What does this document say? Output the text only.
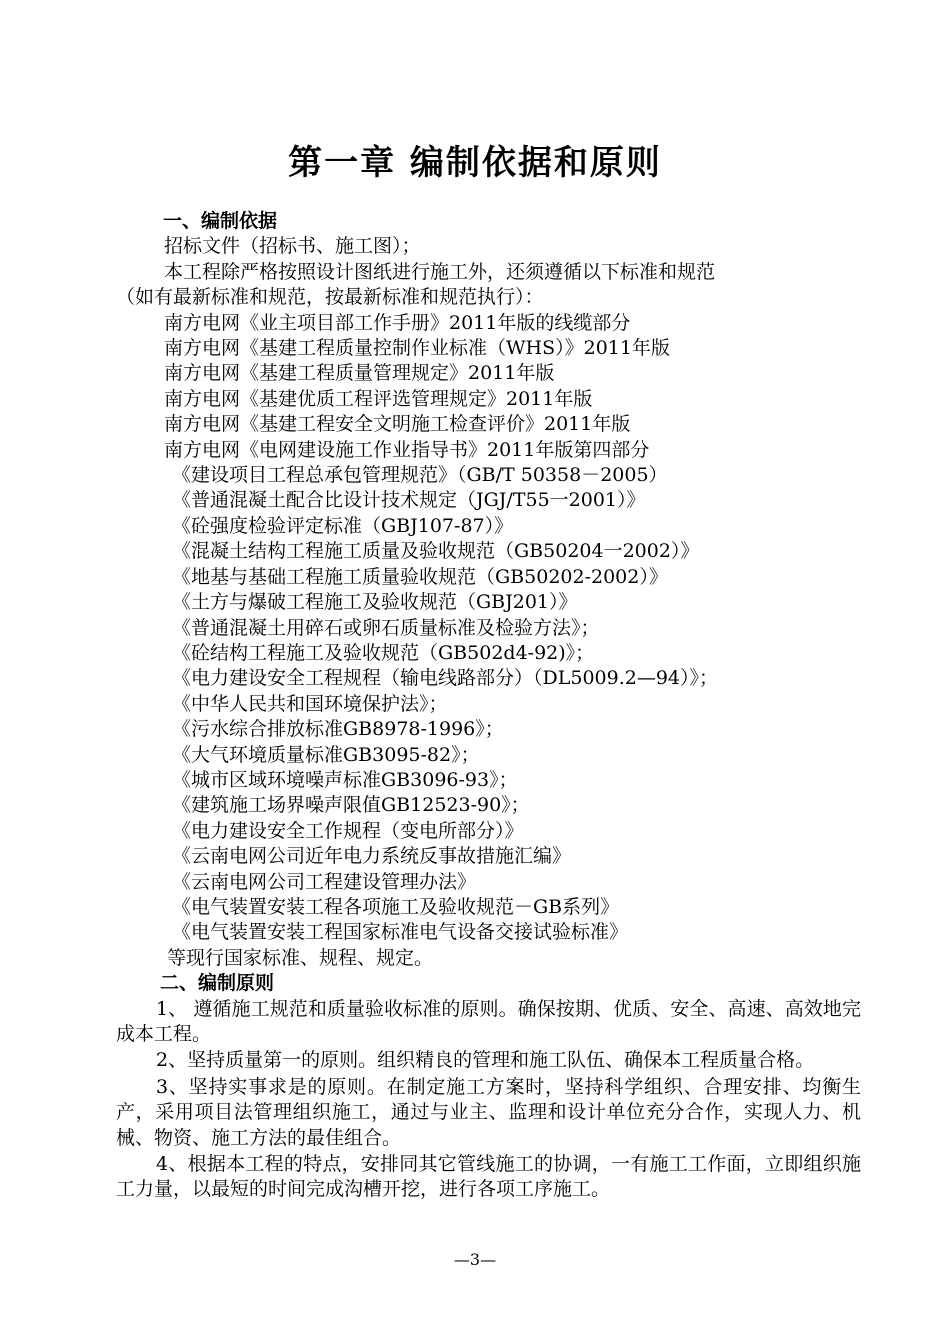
第一章 编制依据和原则
一、编制依据
招标文件（招标书、施工图）；
本工程除严格按照设计图纸进行施工外，还须遵循以下标准和规范
（如有最新标准和规范，按最新标准和规范执行）：
南方电网《业主项目部工作手册》2011年版的线缆部分
南方电网《基建工程质量控制作业标准（WHS）》2011年版
南方电网《基建工程质量管理规定》2011年版
南方电网《基建优质工程评选管理规定》2011年版
南方电网《基建工程安全文明施工检查评价》2011年版
南方电网《电网建设施工作业指导书》2011年版第四部分
《建设项目工程总承包管理规范》（GB/T 50358－2005）
《普通混凝土配合比设计技术规定（JGJ/T55一2001）》
《砼强度检验评定标准（GBJ107-87）》
《混凝土结构工程施工质量及验收规范（GB50204一2002）》
《地基与基础工程施工质量验收规范（GB50202-2002）》
《土方与爆破工程施工及验收规范（GBJ201）》
《普通混凝土用碎石或卵石质量标准及检验方法》；
《砼结构工程施工及验收规范（GB502d4-92)》；
《电力建设安全工程规程（输电线路部分）（DL5009.2—94）》；
《中华人民共和国环境保护法》；
《污水综合排放标准GB8978-1996》；
《大气环境质量标准GB3095-82》；
《城市区域环境噪声标准GB3096-93》；
《建筑施工场界噪声限值GB12523-90》；
《电力建设安全工作规程（变电所部分）》
《云南电网公司近年电力系统反事故措施汇编》
《云南电网公司工程建设管理办法》
《电气装置安装工程各项施工及验收规范－GB系列》
《电气装置安装工程国家标准电气设备交接试验标准》
等现行国家标准、规程、规定。
二、编制原则
1、 遵循施工规范和质量验收标准的原则。确保按期、优质、安全、高速、高效地完成本工程。
2、坚持质量第一的原则。组织精良的管理和施工队伍、确保本工程质量合格。
3、坚持实事求是的原则。在制定施工方案时，坚持科学组织、合理安排、均衡生产，采用项目法管理组织施工，通过与业主、监理和设计单位充分合作，实现人力、机械、物资、施工方法的最佳组合。
4、根据本工程的特点，安排同其它管线施工的协调，一有施工工作面，立即组织施工力量，以最短的时间完成沟槽开挖，进行各项工序施工。
—3—
